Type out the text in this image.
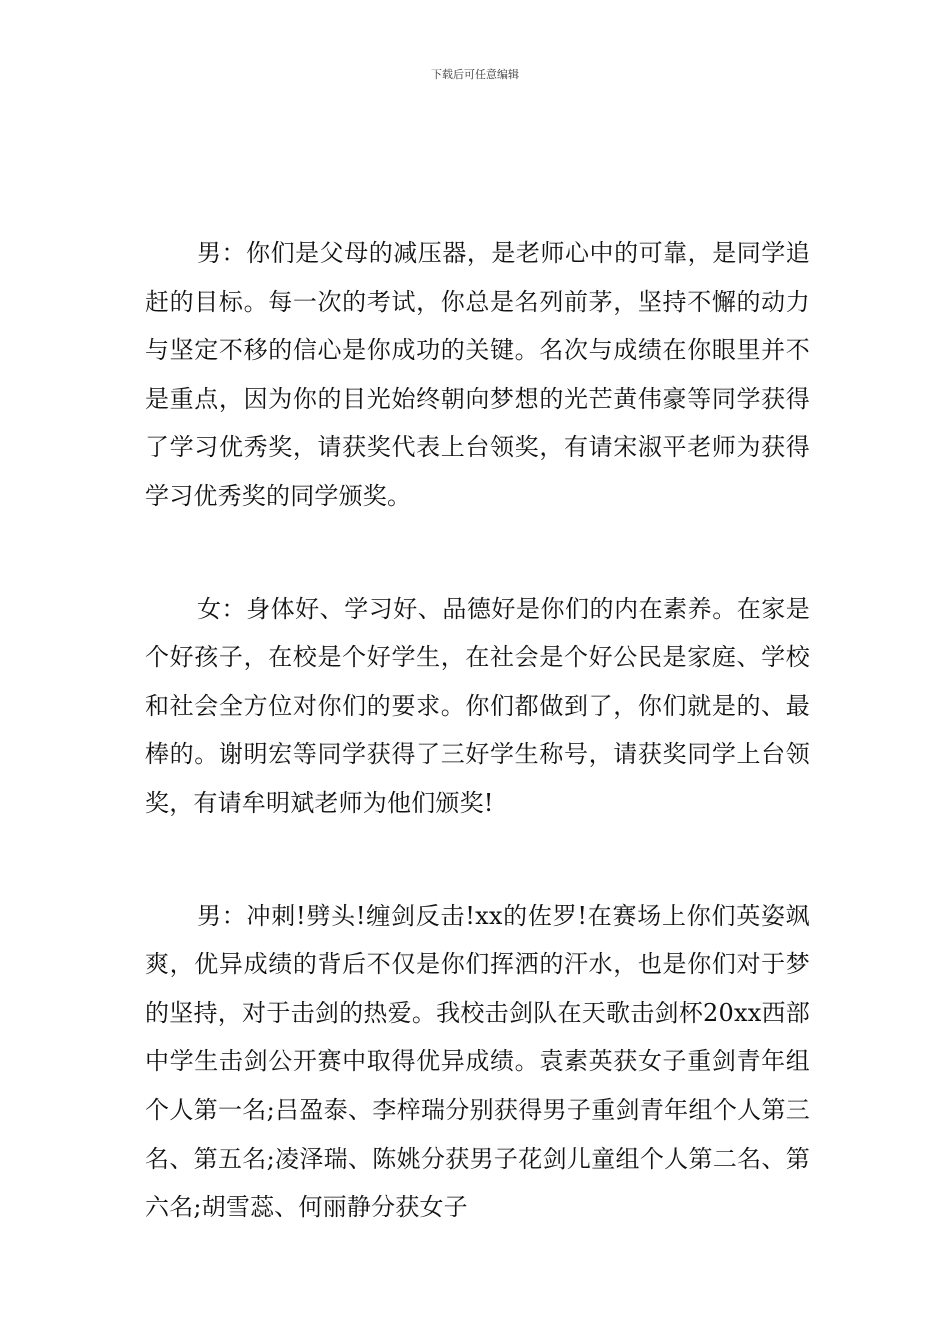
下载后可任意编辑

男：你们是父母的减压器，是老师心中的可靠，是同学追赶的目标。每一次的考试，你总是名列前茅，坚持不懈的动力与坚定不移的信心是你成功的关键。名次与成绩在你眼里并不是重点，因为你的目光始终朝向梦想的光芒黄伟豪等同学获得了学习优秀奖，请获奖代表上台领奖，有请宋淑平老师为获得学习优秀奖的同学颁奖。

女：身体好、学习好、品德好是你们的内在素养。在家是个好孩子，在校是个好学生，在社会是个好公民是家庭、学校和社会全方位对你们的要求。你们都做到了，你们就是的、最棒的。谢明宏等同学获得了三好学生称号，请获奖同学上台领奖，有请牟明斌老师为他们颁奖!

男：冲刺!劈头!缠剑反击!xx的佐罗!在赛场上你们英姿飒爽，优异成绩的背后不仅是你们挥洒的汗水，也是你们对于梦的坚持，对于击剑的热爱。我校击剑队在天歌击剑杯20xx西部中学生击剑公开赛中取得优异成绩。袁素英获女子重剑青年组个人第一名;吕盈泰、李梓瑞分别获得男子重剑青年组个人第三名、第五名;凌泽瑞、陈姚分获男子花剑儿童组个人第二名、第六名;胡雪蕊、何丽静分获女子
